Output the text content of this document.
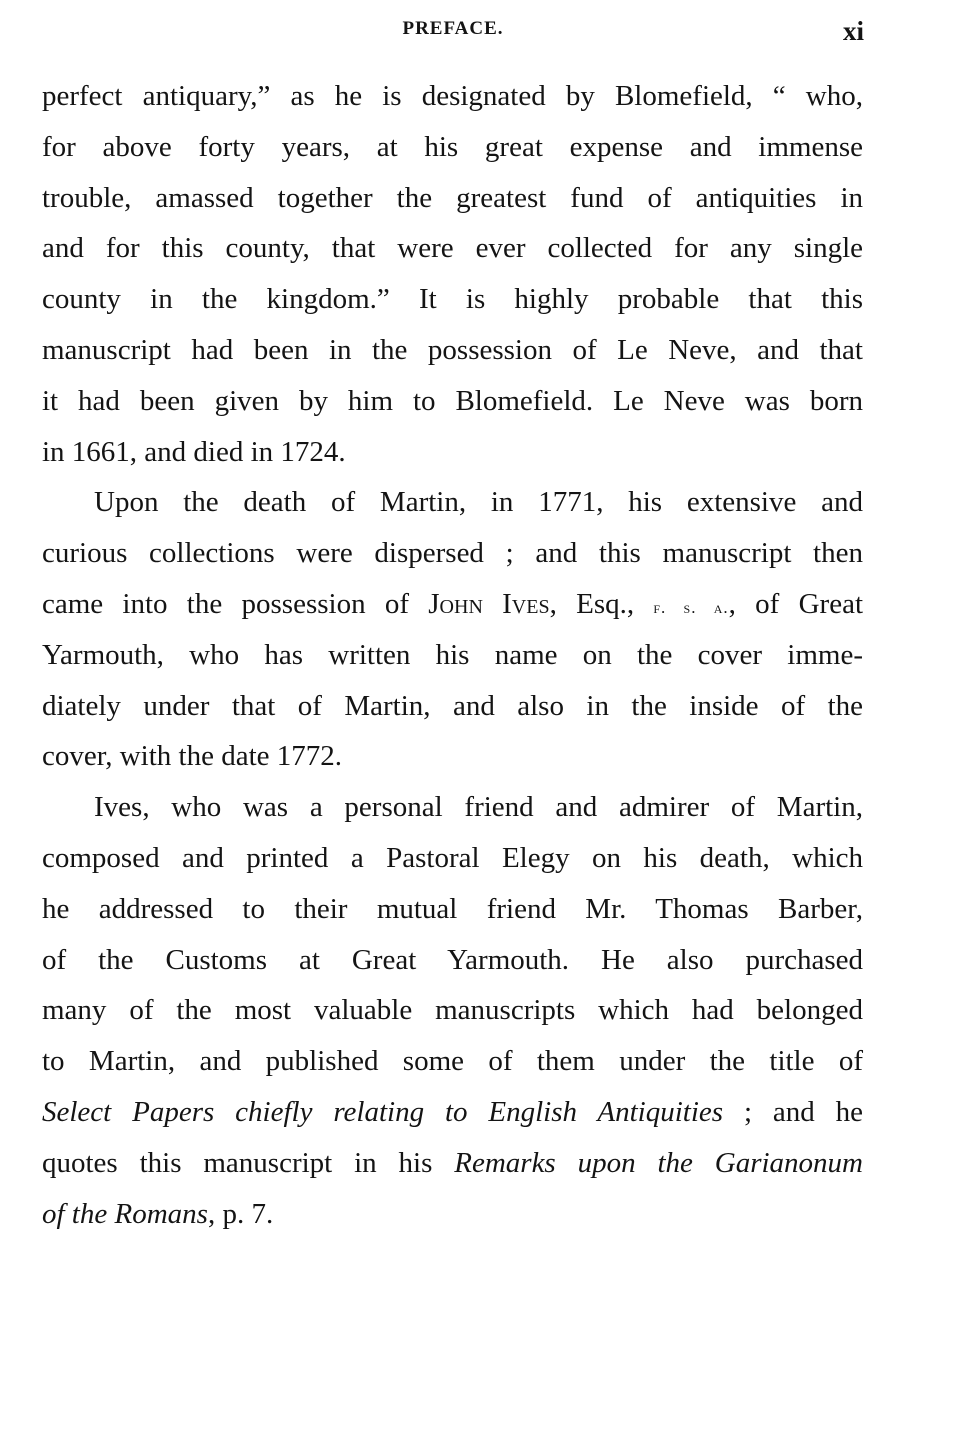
PREFACE.	xi
perfect antiquary,” as he is designated by Blomefield, “ who,
for above forty years, at his great expense and immense
trouble, amassed together the greatest fund of antiquities in
and for this county, that were ever collected for any single
county in the kingdom.” It is highly probable that this
manuscript had been in the possession of Le Neve, and that
it had been given by him to Blomefield. Le Neve was born
in 1661, and died in 1724.
Upon the death of Martin, in 1771, his extensive and
curious collections were dispersed ; and this manuscript then
came into the possession of John Ives, Esq., f. s. a., of Great
Yarmouth, who has written his name on the cover imme-
diately under that of Martin, and also in the inside of the
cover, with the date 1772.
Ives, who was a personal friend and admirer of Martin,
composed and printed a Pastoral Elegy on his death, which
he addressed to their mutual friend Mr. Thomas Barber,
of the Customs at Great Yarmouth. He also purchased
many of the most valuable manuscripts which had belonged
to Martin, and published some of them under the title of
Select Papers chiefly relating to English Antiquities ; and he
quotes this manuscript in his Remarks upon the Garianonum
of the Romans, p. 7.
